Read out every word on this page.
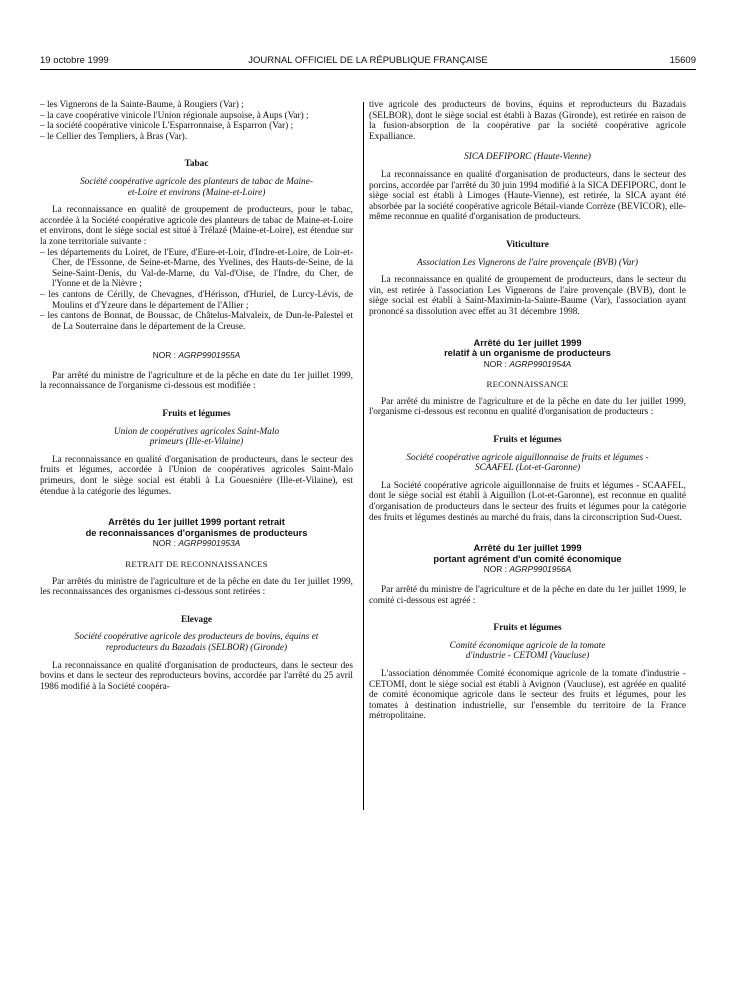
19 octobre 1999	JOURNAL OFFICIEL DE LA RÉPUBLIQUE FRANÇAISE	15609

– les Vignerons de la Sainte-Baume, à Rougiers (Var) ;

– la cave coopérative vinicole l'Union régionale aupsoise, à Aups (Var) ;

– la société coopérative vinicole L'Esparronnaise, à Esparron (Var) ;

– le Cellier des Templiers, à Bras (Var).

Tabac

Société coopérative agricole des planteurs de tabac de Maine-et-Loire et environs (Maine-et-Loire)

La reconnaissance en qualité de groupement de producteurs, pour le tabac, accordée à la Société coopérative agricole des planteurs de tabac de Maine-et-Loire et environs, dont le siège social est situé à Trélazé (Maine-et-Loire), est étendue sur la zone territoriale suivante :

– les départements du Loiret, de l'Eure, d'Eure-et-Loir, d'Indre-et-Loire, de Loir-et-Cher, de l'Essonne, de Seine-et-Marne, des Yvelines, des Hauts-de-Seine, de la Seine-Saint-Denis, du Val-de-Marne, du Val-d'Oise, de l'Indre, du Cher, de l'Yonne et de la Nièvre ;

– les cantons de Cérilly, de Chevagnes, d'Hérisson, d'Huriel, de Lurcy-Lévis, de Moulins et d'Yzeure dans le département de l'Allier ;

– les cantons de Bonnat, de Boussac, de Châtelus-Malvaleix, de Dun-le-Palestel et de La Souterraine dans le département de la Creuse.

NOR : AGRP9901955A

Par arrêté du ministre de l'agriculture et de la pêche en date du 1er juillet 1999, la reconnaissance de l'organisme ci-dessous est modifiée :

Fruits et légumes

Union de coopératives agricoles Saint-Malo primeurs (Ille-et-Vilaine)

La reconnaissance en qualité d'organisation de producteurs, dans le secteur des fruits et légumes, accordée à l'Union de coopératives agricoles Saint-Malo primeurs, dont le siège social est établi à La Gouesnière (Ille-et-Vilaine), est étendue à la catégorie des légumes.

Arrêtés du 1er juillet 1999 portant retrait

de reconnaissances d'organismes de producteurs

NOR : AGRP9901953A

RETRAIT DE RECONNAISSANCES

Par arrêtés du ministre de l'agriculture et de la pêche en date du 1er juillet 1999, les reconnaissances des organismes ci-dessous sont retirées :

Elevage

Société coopérative agricole des producteurs de bovins, équins et reproducteurs du Bazadais (SELBOR) (Gironde)

La reconnaissance en qualité d'organisation de producteurs, dans le secteur des bovins et dans le secteur des reproducteurs bovins, accordée par l'arrêté du 25 avril 1986 modifié à la Société coopéra-

tive agricole des producteurs de bovins, équins et reproducteurs du Bazadais (SELBOR), dont le siège social est établi à Bazas (Gironde), est retirée en raison de la fusion-absorption de la coopérative par la société coopérative agricole Expalliance.

SICA DEFIPORC (Haute-Vienne)

La reconnaissance en qualité d'organisation de producteurs, dans le secteur des porcins, accordée par l'arrêté du 30 juin 1994 modifié à la SICA DEFIPORC, dont le siège social est établi à Limoges (Haute-Vienne), est retirée, la SICA ayant été absorbée par la société coopérative agricole Bétail-viande Corrèze (BEVICOR), elle-même reconnue en qualité d'organisation de producteurs.

Viticulture

Association Les Vignerons de l'aire provençale (BVB) (Var)

La reconnaissance en qualité de groupement de producteurs, dans le secteur du vin, est retirée à l'association Les Vignerons de l'aire provençale (BVB), dont le siège social est établi à Saint-Maximin-la-Sainte-Baume (Var), l'association ayant prononcé sa dissolution avec effet au 31 décembre 1998.

Arrêté du 1er juillet 1999

relatif à un organisme de producteurs

NOR : AGRP9901954A

RECONNAISSANCE

Par arrêté du ministre de l'agriculture et de la pêche en date du 1er juillet 1999, l'organisme ci-dessous est reconnu en qualité d'organisation de producteurs :

Fruits et légumes

Société coopérative agricole aiguillonnaise de fruits et légumes - SCAAFEL (Lot-et-Garonne)

La Société coopérative agricole aiguillonnaise de fruits et légumes - SCAAFEL, dont le siège social est établi à Aiguillon (Lot-et-Garonne), est reconnue en qualité d'organisation de producteurs dans le secteur des fruits et légumes pour la catégorie des fruits et légumes destinés au marché du frais, dans la circonscription Sud-Ouest.

Arrêté du 1er juillet 1999

portant agrément d'un comité économique

NOR : AGRP9901956A

Par arrêté du ministre de l'agriculture et de la pêche en date du 1er juillet 1999, le comité ci-dessous est agréé :

Fruits et légumes

Comité économique agricole de la tomate d'industrie - CETOMI (Vaucluse)

L'association dénommée Comité économique agricole de la tomate d'industrie - CETOMI, dont le siège social est établi à Avignon (Vaucluse), est agréée en qualité de comité économique agricole dans le secteur des fruits et légumes, pour les tomates à destination industrielle, sur l'ensemble du territoire de la France métropolitaine.
